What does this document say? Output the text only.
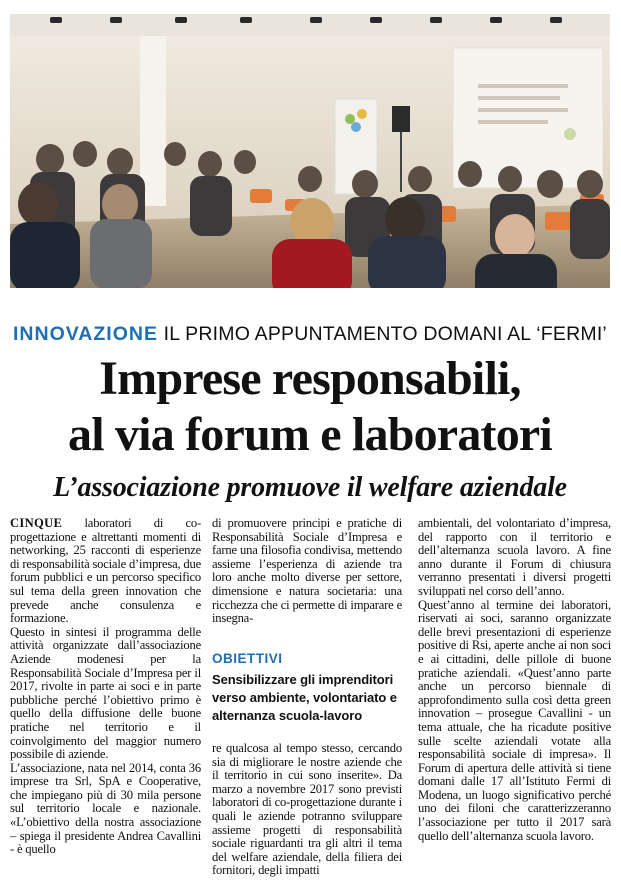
INNOVAZIONE IL PRIMO APPUNTAMENTO DOMANI AL ‘FERMI’
Imprese responsabili,
al via forum e laboratori
L’associazione promuove il welfare aziendale

CINQUE laboratori di co-progettazione e altrettanti momenti di networking, 25 racconti di esperienze di responsabilità sociale d’impresa, due forum pubblici e un percorso specifico sul tema della green innovation che prevede anche consulenza e formazione.

Questo in sintesi il programma delle attività organizzate dall’associazione Aziende modenesi per la Responsabilità Sociale d’Impresa per il 2017, rivolte in parte ai soci e in parte pubbliche perché l’obiettivo primo è quello della diffusione delle buone pratiche nel territorio e il coinvolgimento del maggior numero possibile di aziende.

L’associazione, nata nel 2014, conta 36 imprese tra Srl, SpA e Cooperative, che impiegano più di 30 mila persone sul territorio locale e nazionale. «L’obiettivo della nostra associazione – spiega il presidente Andrea Cavallini - è quello

di promuovere principi e pratiche di Responsabilità Sociale d’Impresa e farne una filosofia condivisa, mettendo assieme l’esperienza di aziende tra loro anche molto diverse per settore, dimensione e natura societaria: una ricchezza che ci permette di imparare e insegna-

OBIETTIVI
Sensibilizzare gli imprenditori verso ambiente, volontariato e alternanza scuola-lavoro

re qualcosa al tempo stesso, cercando sia di migliorare le nostre aziende che il territorio in cui sono inserite». Da marzo a novembre 2017 sono previsti laboratori di co-progettazione durante i quali le aziende potranno sviluppare assieme progetti di responsabilità sociale riguardanti tra gli altri il tema del welfare aziendale, della filiera dei fornitori, degli impatti

ambientali, del volontariato d’impresa, del rapporto con il territorio e dell’alternanza scuola lavoro. A fine anno durante il Forum di chiusura verranno presentati i diversi progetti sviluppati nel corso dell’anno.

Quest’anno al termine dei laboratori, riservati ai soci, saranno organizzate delle brevi presentazioni di esperienze positive di Rsi, aperte anche ai non soci e ai cittadini, delle pillole di buone pratiche aziendali. «Quest’anno parte anche un percorso biennale di approfondimento sulla così detta green innovation – prosegue Cavallini - un tema attuale, che ha ricadute positive sulle scelte aziendali votate alla responsabilità sociale di impresa». Il Forum di apertura delle attività si tiene domani dalle 17 all’Istituto Fermi di Modena, un luogo significativo perché uno dei filoni che caratterizzeranno l’associazione per tutto il 2017 sarà quello dell’alternanza scuola lavoro.
